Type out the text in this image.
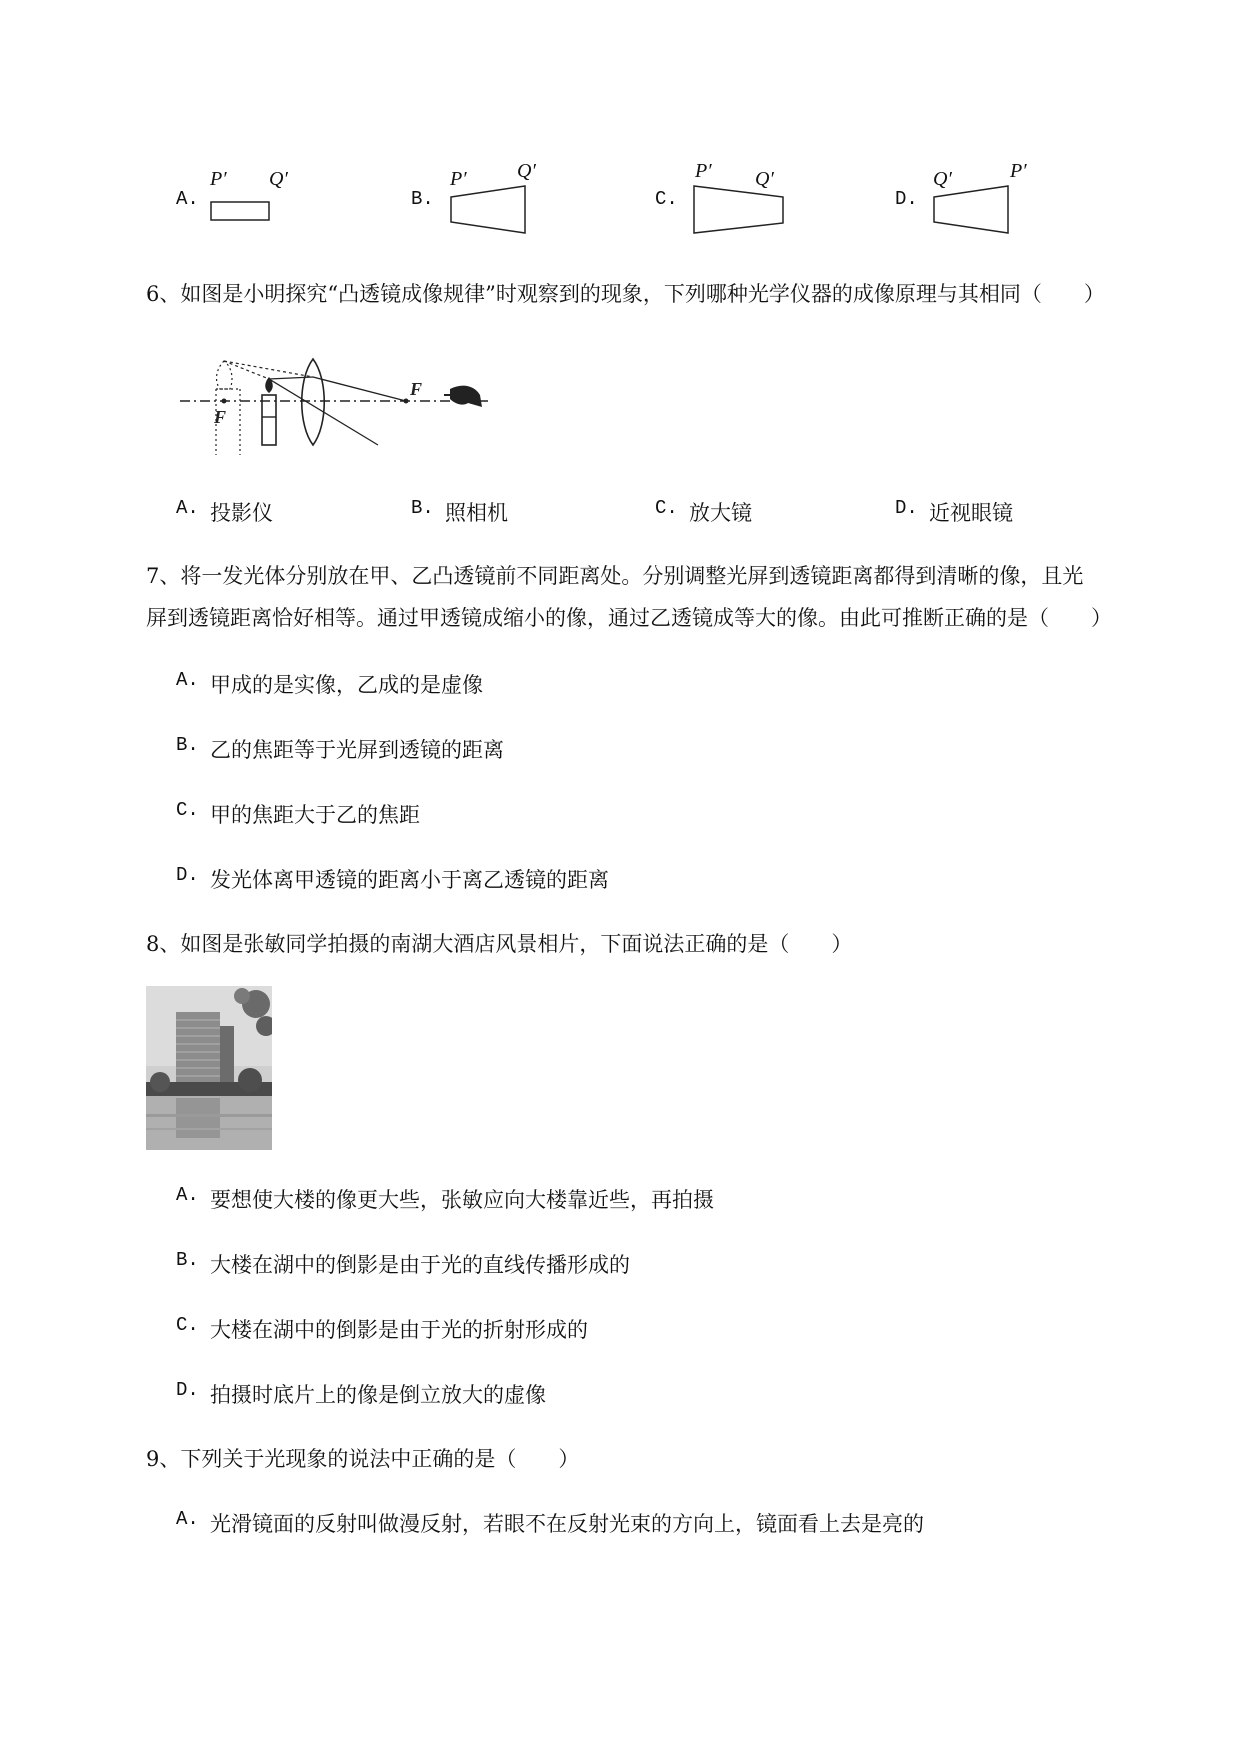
A.
P′ Q′
B.
P′	Q′
C.
P′ Q′
D.
Q′	P′
6、如图是小明探究“凸透镜成像规律”时观察到的现象，下列哪种光学仪器的成像原理与其相同（　　）
F
F
A. 投影仪	B. 照相机	C. 放大镜	D. 近视眼镜
7、将一发光体分别放在甲、乙凸透镜前不同距离处。分别调整光屏到透镜距离都得到清晰的像，且光
屏到透镜距离恰好相等。通过甲透镜成缩小的像，通过乙透镜成等大的像。由此可推断正确的是（　　）
A. 甲成的是实像，乙成的是虚像
B. 乙的焦距等于光屏到透镜的距离
C. 甲的焦距大于乙的焦距
D. 发光体离甲透镜的距离小于离乙透镜的距离
8、如图是张敏同学拍摄的南湖大酒店风景相片，下面说法正确的是（　　）
A. 要想使大楼的像更大些，张敏应向大楼靠近些，再拍摄
B. 大楼在湖中的倒影是由于光的直线传播形成的
C. 大楼在湖中的倒影是由于光的折射形成的
D. 拍摄时底片上的像是倒立放大的虚像
9、下列关于光现象的说法中正确的是（　　）
A. 光滑镜面的反射叫做漫反射，若眼不在反射光束的方向上，镜面看上去是亮的
